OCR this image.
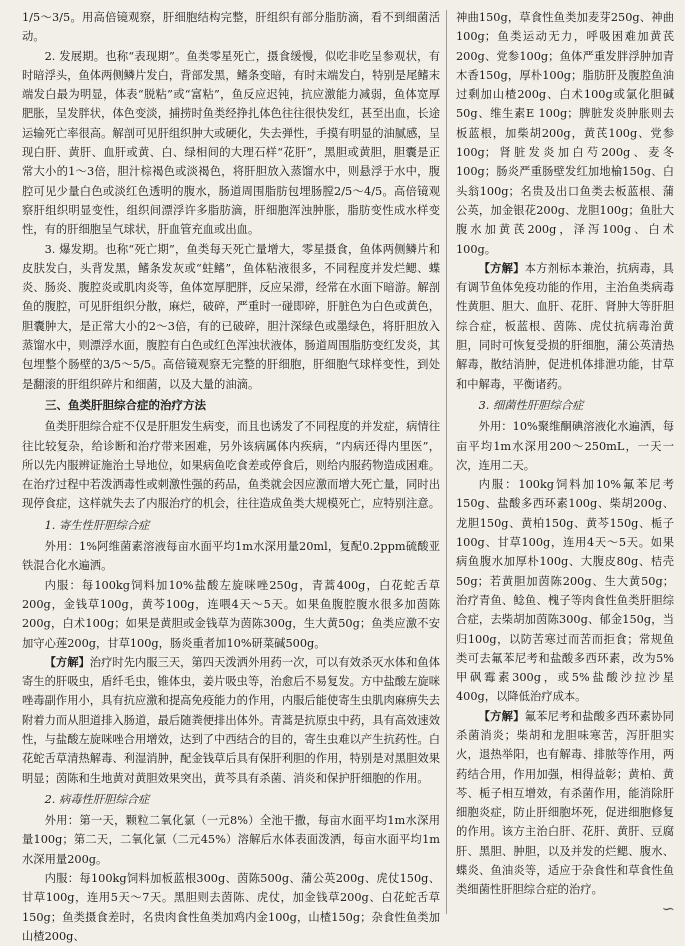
1/5～3/5。用高倍镜观察，肝细胞结构完整，肝组织有部分脂肪滴，看不到细菌活动。

2. 发展期。也称“表现期”。鱼类零星死亡，摄食缓慢，似吃非吃呈参观状，有时暗浮头，鱼体两侧鳞片发白，背部发黑，鳍条变暗，有时末端发白，特别是尾鳍末端发白最为明显，体表“脱粘”或“富粘”，鱼反应迟钝，抗应激能力减弱，鱼体宽厚肥胀，呈发胖状，体色变淡，捕捞时鱼类经挣扎体色往往很快发红，甚至出血，长途运输死亡率很高。解剖可见肝组织肿大或硬化，失去弹性，手摸有明显的油腻感，呈现白肝、黄肝、血肝或黄、白、绿相间的大理石样“花肝”，黑胆或黄胆，胆囊是正常大小的1～3倍，胆汁棕褐色或淡褐色，将肝胆放入蒸馏水中，则悬浮于水中，腹腔可见少量白色或淡红色透明的腹水，肠道周围脂肪包埋肠膛2/5～4/5。高倍镜观察肝组织明显变性，组织间漂浮许多脂肪滴，肝细胞浑浊肿胀，脂肪变性成水样变性，有的肝细胞呈气球状，肝血管充血或出血。

3. 爆发期。也称“死亡期”，鱼类每天死亡量增大，零星摄食，鱼体两侧鳞片和皮肤发白，头背发黑，鳍条发灰或“蛀鳍”，鱼体粘液很多，不同程度并发烂鳃、蝶炎、肠炎、腹腔炎或肌肉炎等，鱼体宽厚肥胖，反应呆滞，经常在水面下暗游。解剖鱼的腹腔，可见肝组织分散，麻烂，破碎，严重时一碰即碎，肝脏色为白色或黄色，胆囊肿大，是正常大小的2～3倍，有的已破碎，胆汁深绿色或墨绿色，将肝胆放入蒸馏水中，则漂浮水面，腹腔有白色或红色浑浊状液体，肠道周围脂肪变红发炎，其包埋整个肠壁的3/5～5/5。高倍镜观察无完整的肝细胞，肝细胞气球样变性，到处是翻滚的肝组织碎片和细菌，以及大量的油滴。

三、鱼类肝胆综合症的治疗方法

鱼类肝胆综合症不仅是肝胆发生病变，而且也诱发了不同程度的并发症，病情往往比较复杂，给诊断和治疗带来困难，另外该病属体内疾病，“内病还得内里医”，所以先内服辨证施治土导地位，如果病鱼吃食差或停食后，则给内服药物造成困难。在治疗过程中若泼洒毒性或刺激性强的药品，鱼类就会因应激而增大死亡量，同时出现停食症，这样就失去了内服治疗的机会，往往造成鱼类大规模死亡，应特别注意。

1. 寄生性肝胆综合症

外用：1%阿维菌素溶液每亩水面平均1m水深用量20ml，复配0.2ppm硫酸亚铁混合化水遍洒。

内服：每100kg饲料加10%盐酸左旋咪唑250g，青蒿400g，白花蛇舌草200g，金钱草100g，黄芩100g，连喂4天～5天。如果鱼腹腔腹水很多加茵陈200g，白术100g；如果是黄胆或金钱草为茵陈300g，生大黄50g；鱼类应激不安加守心莲200g，甘草100g，肠炎重者加10%研菜碱500g。

【方解】治疗时先内服三天，第四天泼洒外用药一次，可以有效杀灭水体和鱼体寄生的肝吸虫，盾纤毛虫，锥体虫，姜片吸虫等，治愈后不易复发。方中盐酸左旋咪唑毒副作用小，具有抗应激和提高免疫能力的作用，内服后能使寄生虫肌肉麻痹失去附着力而从胆道排入肠道，最后随粪便排出体外。青蒿是抗原虫中药，具有高效速效性，与盐酸左旋咪唑合用增效，达到了中西结合的目的，寄生虫难以产生抗药性。白花蛇舌草清热解毒、利湿消肿，配金钱草后具有保肝利胆的作用，特别是对黑胆效果明显；茵陈和生地黄对黄胆效果突出，黄芩具有杀菌、消炎和保护肝细胞的作用。

2. 病毒性肝胆综合症

外用：第一天，颗粒二氧化氯（一元8%）全池干撒，每亩水面平均1m水深用量100g；第二天，二氧化氯（二元45%）溶解后水体表面泼洒，每亩水面平均1m水深用量200g。

内服：每100kg饲料加板蓝根300g、茵陈500g、蒲公英200g、虎仗150g、甘草100g，连用5天～7天。黑胆则去茵陈、虎仗，加金钱草200g、白花蛇舌草150g；鱼类摄食差时，名贵肉食性鱼类加鸡内金100g，山楂150g；杂食性鱼类加山楂200g、

神曲150g，草食性鱼类加麦芽250g、神曲100g；鱼类运动无力，呼吸困难加黄芪200g、党参100g；鱼体严重发胖浮肿加青木香150g，厚朴100g；脂肪肝及腹腔鱼油过剩加山楂200g、白术100g或氯化胆碱50g、维生素E 100g；脾脏发炎肿胀则去板蓝根，加柴胡200g，黄芪100g、党参100g；肾脏发炎加白芍200g、麦冬100g；肠炎严重肠壁发红加地榆150g、白头翁100g；名贵及出口鱼类去板蓝根、蒲公英，加金银花200g、龙胆100g；鱼肚大腹水加黄芪200g，泽泻100g、白术100g。

【方解】本方剂标本兼治，抗病毒，具有调节鱼体免疫功能的作用，主治鱼类病毒性黄胆、胆大、血肝、花肝、肾肿大等肝胆综合症，板蓝根、茵陈、虎仗抗病毒治黄胆，同时可恢复受损的肝细胞，蒲公英清热解毒，散结消肿，促进机体排泄功能，甘草和中解毒，平衡诸药。

3. 细菌性肝胆综合症

外用：10%聚维酮碘溶液化水遍洒，每亩平均1m水深用200～250mL，一天一次，连用二天。

内服：100kg饲料加10%氟苯尼考150g、盐酸多西环素100g、柴胡200g、龙胆150g、黄柏150g、黄芩150g、栀子100g、甘草100g，连用4天～5天。如果病鱼腹水加厚朴100g、大腹皮80g、桔壳50g；若黄胆加茵陈200g、生大黄50g；治疗青鱼、鲶鱼、槐子等肉食性鱼类肝胆综合症，去柴胡加茵陈300g、郁金150g，当归100g，以防苦寒过而苦而拒食；常规鱼类可去氟苯尼考和盐酸多西环素，改为5%甲砜霉素300g，或5%盐酸沙拉沙星400g，以降低治疗成本。

【方解】氟苯尼考和盐酸多西环素协同杀菌消炎；柴胡和龙胆味寒苦，泻肝胆实火，退热举阳，也有解毒、排脓等作用，两药结合用，作用加强，相得益彰；黄柏、黄芩、栀子相互增效，有杀菌作用，能消除肝细胞炎症，防止肝细胞坏死，促进细胞修复的作用。该方主治白肝、花肝、黄肝、豆腐肝、黑胆、肿胆，以及并发的烂鳃、腹水、蝶炎、鱼油炎等，适应于杂食性和草食性鱼类细菌性肝胆综合症的治疗。

∽
